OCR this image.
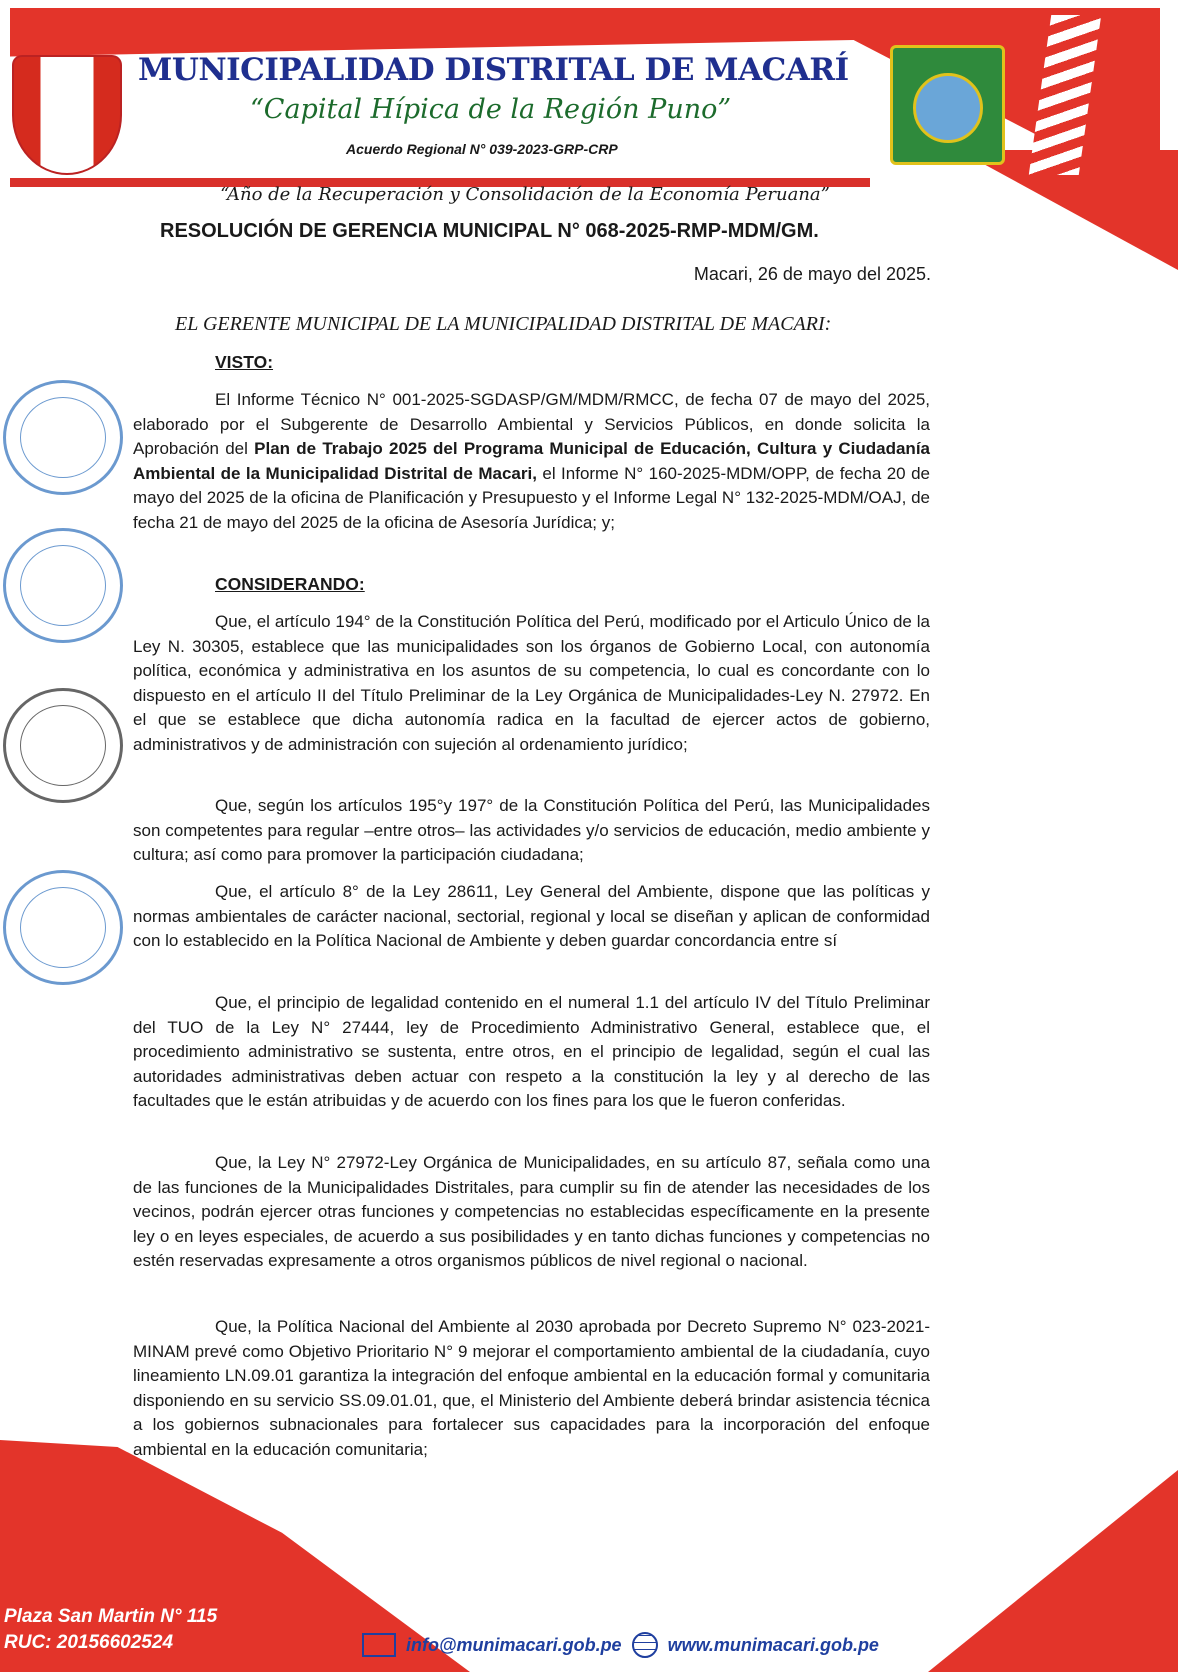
MUNICIPALIDAD DISTRITAL DE MACARÍ
“Capital Hípica de la Región Puno”
Acuerdo Regional N° 039-2023-GRP-CRP
“Año de la Recuperación y Consolidación de la Economía Peruana”
RESOLUCIÓN DE GERENCIA MUNICIPAL N° 068-2025-RMP-MDM/GM.
Macari, 26 de mayo del 2025.
EL GERENTE MUNICIPAL DE LA MUNICIPALIDAD DISTRITAL DE MACARI:
VISTO:
El Informe Técnico N° 001-2025-SGDASP/GM/MDM/RMCC, de fecha 07 de mayo del 2025, elaborado por el Subgerente de Desarrollo Ambiental y Servicios Públicos, en donde solicita la Aprobación del Plan de Trabajo 2025 del Programa Municipal de Educación, Cultura y Ciudadanía Ambiental de la Municipalidad Distrital de Macari, el Informe N° 160-2025-MDM/OPP, de fecha 20 de mayo del 2025 de la oficina de Planificación y Presupuesto y el Informe Legal N° 132-2025-MDM/OAJ, de fecha 21 de mayo del 2025 de la oficina de Asesoría Jurídica; y;
CONSIDERANDO:
Que, el artículo 194° de la Constitución Política del Perú, modificado por el Articulo Único de la Ley N. 30305, establece que las municipalidades son los órganos de Gobierno Local, con autonomía política, económica y administrativa en los asuntos de su competencia, lo cual es concordante con lo dispuesto en el artículo II del Título Preliminar de la Ley Orgánica de Municipalidades-Ley N. 27972. En el que se establece que dicha autonomía radica en la facultad de ejercer actos de gobierno, administrativos y de administración con sujeción al ordenamiento jurídico;
Que, según los artículos 195°y 197° de la Constitución Política del Perú, las Municipalidades son competentes para regular –entre otros– las actividades y/o servicios de educación, medio ambiente y cultura; así como para promover la participación ciudadana;
Que, el artículo 8° de la Ley 28611, Ley General del Ambiente, dispone que las políticas y normas ambientales de carácter nacional, sectorial, regional y local se diseñan y aplican de conformidad con lo establecido en la Política Nacional de Ambiente y deben guardar concordancia entre sí
Que, el principio de legalidad contenido en el numeral 1.1 del artículo IV del Título Preliminar del TUO de la Ley N° 27444, ley de Procedimiento Administrativo General, establece que, el procedimiento administrativo se sustenta, entre otros, en el principio de legalidad, según el cual las autoridades administrativas deben actuar con respeto a la constitución la ley y al derecho de las facultades que le están atribuidas y de acuerdo con los fines para los que le fueron conferidas.
Que, la Ley N° 27972-Ley Orgánica de Municipalidades, en su artículo 87, señala como una de las funciones de la Municipalidades Distritales, para cumplir su fin de atender las necesidades de los vecinos, podrán ejercer otras funciones y competencias no establecidas específicamente en la presente ley o en leyes especiales, de acuerdo a sus posibilidades y en tanto dichas funciones y competencias no estén reservadas expresamente a otros organismos públicos de nivel regional o nacional.
Que, la Política Nacional del Ambiente al 2030 aprobada por Decreto Supremo N° 023-2021-MINAM prevé como Objetivo Prioritario N° 9 mejorar el comportamiento ambiental de la ciudadanía, cuyo lineamiento LN.09.01 garantiza la integración del enfoque ambiental en la educación formal y comunitaria disponiendo en su servicio SS.09.01.01, que, el Ministerio del Ambiente deberá brindar asistencia técnica a los gobiernos subnacionales para fortalecer sus capacidades para la incorporación del enfoque ambiental en la educación comunitaria;
Plaza San Martin N° 115
RUC: 20156602524	info@munimacari.gob.pe	www.munimacari.gob.pe
